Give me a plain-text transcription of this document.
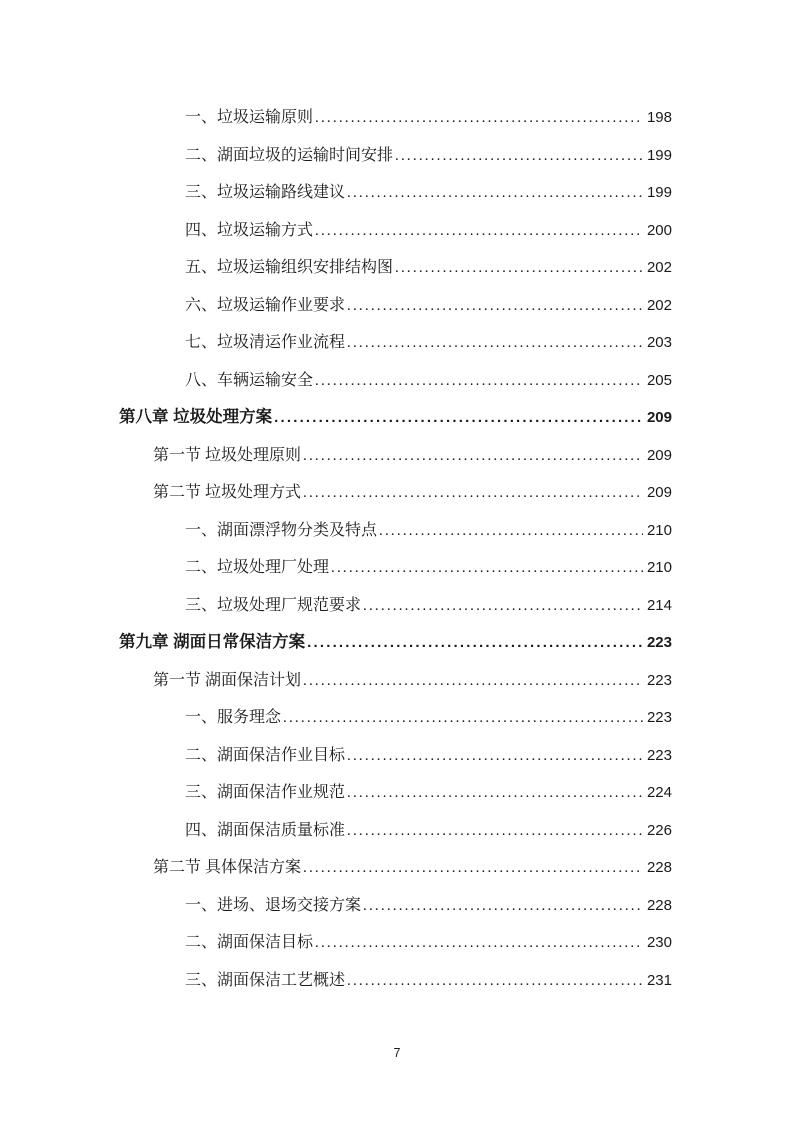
一、垃圾运输原则 .....	198
二、湖面垃圾的运输时间安排 .....	199
三、垃圾运输路线建议 .....	199
四、垃圾运输方式 .....	200
五、垃圾运输组织安排结构图 .....	202
六、垃圾运输作业要求 .....	202
七、垃圾清运作业流程 .....	203
八、车辆运输安全 .....	205
第八章 垃圾处理方案 .....	209
第一节 垃圾处理原则 .....	209
第二节 垃圾处理方式 .....	209
一、湖面漂浮物分类及特点 .....	210
二、垃圾处理厂处理 .....	210
三、垃圾处理厂规范要求 .....	214
第九章 湖面日常保洁方案 .....	223
第一节 湖面保洁计划 .....	223
一、服务理念 .....	223
二、湖面保洁作业目标 .....	223
三、湖面保洁作业规范 .....	224
四、湖面保洁质量标准 .....	226
第二节 具体保洁方案 .....	228
一、进场、退场交接方案 .....	228
二、湖面保洁目标 .....	230
三、湖面保洁工艺概述 .....	231
7
